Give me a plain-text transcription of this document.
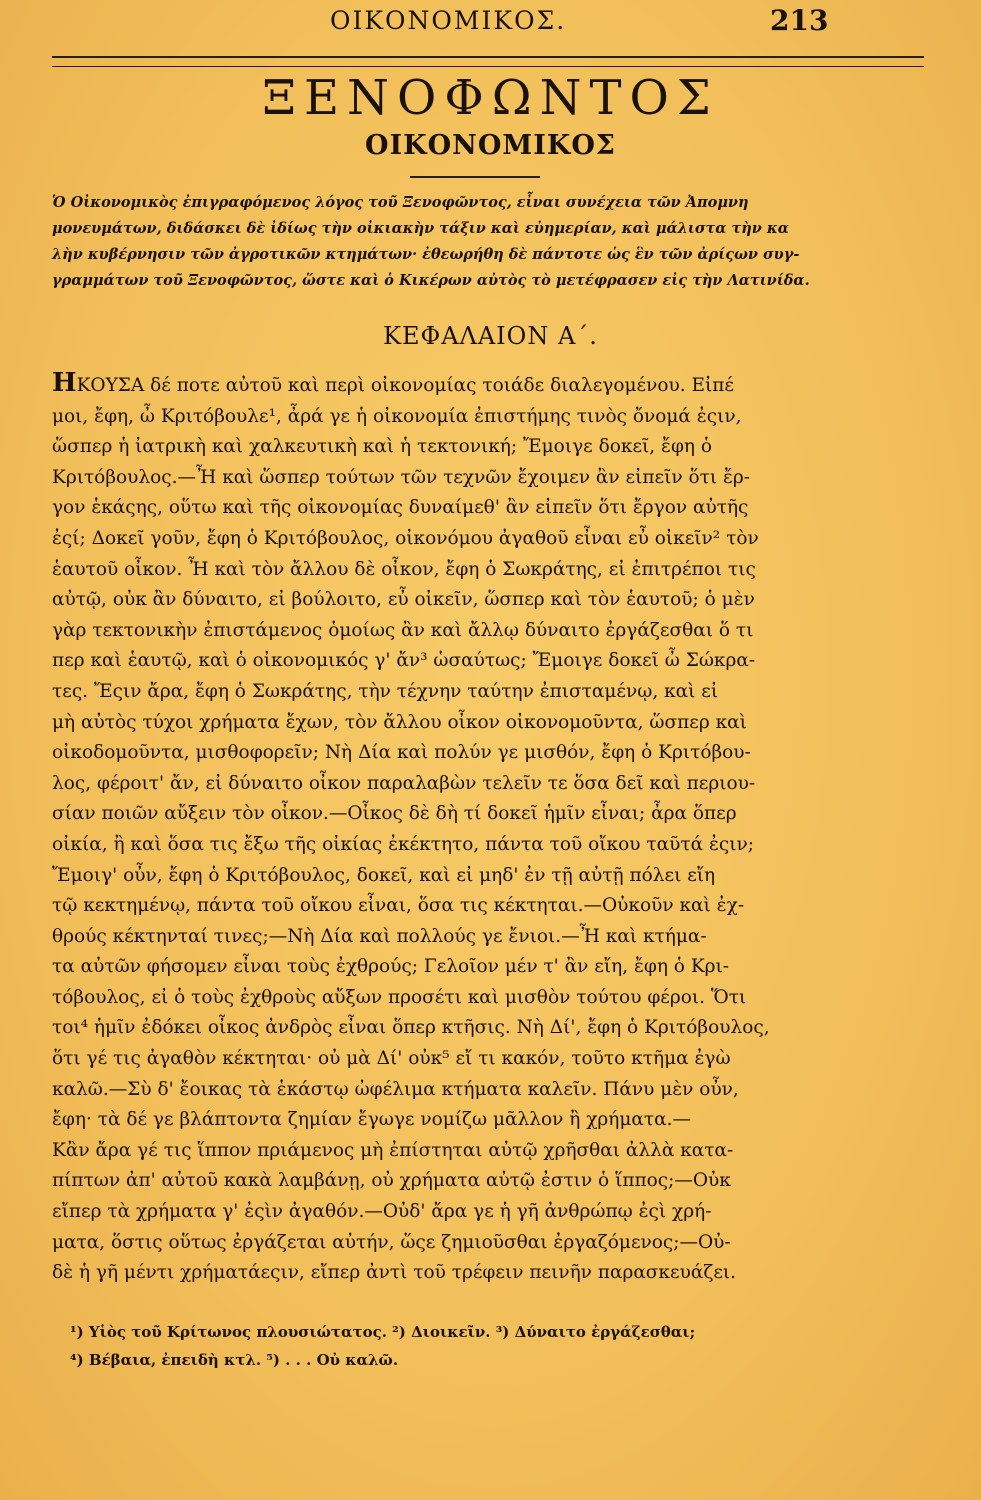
ΟΙΚΟΝΟΜΙΚΟΣ.	213
ΞΕΝΟΦΩΝΤΟΣ
ΟΙΚΟΝΟΜΙΚΟΣ
Ὁ Οἰκονομικὸς ἐπιγραφόμενος λόγος τοῦ Ξενοφῶντος, εἶναι συνέχεια τῶν Ἀπομνη
μονευμάτων, διδάσκει δὲ ἰδίως τὴν οἰκιακὴν τάξιν καὶ εὐημερίαν, καὶ μάλιστα τὴν κα
λὴν κυβέρνησιν τῶν ἀγροτικῶν κτημάτων· ἐθεωρήθη δὲ πάντοτε ὡς ἓν τῶν ἀρίςων συγ-
γραμμάτων τοῦ Ξενοφῶντος, ὥστε καὶ ὁ Κικέρων αὐτὸς τὸ μετέφρασεν εἰς τὴν Λατινίδα.
ΚΕΦΑΛΑΙΟΝ Α΄.
ΗΚΟΥΣΑ δέ ποτε αὐτοῦ καὶ περὶ οἰκονομίας τοιάδε διαλεγομένου. Εἰπέ
μοι, ἔφη, ὦ Κριτόβουλε¹, ἆρά γε ἡ οἰκονομία ἐπιστήμης τινὸς ὄνομά ἐςιν,
ὥσπερ ἡ ἰατρικὴ καὶ χαλκευτικὴ καὶ ἡ τεκτονική; Ἔμοιγε δοκεῖ, ἔφη ὁ
Κριτόβουλος.—Ἦ καὶ ὥσπερ τούτων τῶν τεχνῶν ἔχοιμεν ἂν εἰπεῖν ὅτι ἔρ-
γον ἑκάςης, οὕτω καὶ τῆς οἰκονομίας δυναίμεθ' ἂν εἰπεῖν ὅτι ἔργον αὐτῆς
ἐςί; Δοκεῖ γοῦν, ἔφη ὁ Κριτόβουλος, οἰκονόμου ἀγαθοῦ εἶναι εὖ οἰκεῖν² τὸν
ἑαυτοῦ οἶκον. Ἦ καὶ τὸν ἄλλου δὲ οἶκον, ἔφη ὁ Σωκράτης, εἰ ἐπιτρέποι τις
αὐτῷ, οὐκ ἂν δύναιτο, εἰ βούλοιτο, εὖ οἰκεῖν, ὥσπερ καὶ τὸν ἑαυτοῦ; ὁ μὲν
γὰρ τεκτονικὴν ἐπιστάμενος ὁμοίως ἂν καὶ ἄλλῳ δύναιτο ἐργάζεσθαι ὅ τι
περ καὶ ἑαυτῷ, καὶ ὁ οἰκονομικός γ' ἄν³ ὡσαύτως; Ἔμοιγε δοκεῖ ὦ Σώκρα-
τες. Ἔςιν ἄρα, ἔφη ὁ Σωκράτης, τὴν τέχνην ταύτην ἐπισταμένῳ, καὶ εἰ
μὴ αὐτὸς τύχοι χρήματα ἔχων, τὸν ἄλλου οἶκον οἰκονομοῦντα, ὥσπερ καὶ
οἰκοδομοῦντα, μισθοφορεῖν; Νὴ Δία καὶ πολύν γε μισθόν, ἔφη ὁ Κριτόβου-
λος, φέροιτ' ἄν, εἰ δύναιτο οἶκον παραλαβὼν τελεῖν τε ὅσα δεῖ καὶ περιου-
σίαν ποιῶν αὔξειν τὸν οἶκον.—Οἶκος δὲ δὴ τί δοκεῖ ἡμῖν εἶναι; ἆρα ὅπερ
οἰκία, ἢ καὶ ὅσα τις ἔξω τῆς οἰκίας ἐκέκτητο, πάντα τοῦ οἴκου ταῦτά ἐςιν;
Ἔμοιγ' οὖν, ἔφη ὁ Κριτόβουλος, δοκεῖ, καὶ εἰ μηδ' ἐν τῇ αὐτῇ πόλει εἴη
τῷ κεκτημένῳ, πάντα τοῦ οἴκου εἶναι, ὅσα τις κέκτηται.—Οὐκοῦν καὶ ἐχ-
θρούς κέκτηνταί τινες;—Νὴ Δία καὶ πολλούς γε ἔνιοι.—Ἦ καὶ κτήμα-
τα αὐτῶν φήσομεν εἶναι τοὺς ἐχθρούς; Γελοῖον μέν τ' ἂν εἴη, ἔφη ὁ Κρι-
τόβουλος, εἰ ὁ τοὺς ἐχθροὺς αὔξων προσέτι καὶ μισθὸν τούτου φέροι. Ὅτι
τοι⁴ ἡμῖν ἐδόκει οἶκος ἀνδρὸς εἶναι ὅπερ κτῆσις. Νὴ Δί', ἔφη ὁ Κριτόβουλος,
ὅτι γέ τις ἀγαθὸν κέκτηται· οὐ μὰ Δί' οὐκ⁵ εἴ τι κακόν, τοῦτο κτῆμα ἐγὼ
καλῶ.—Σὺ δ' ἔοικας τὰ ἑκάστῳ ὠφέλιμα κτήματα καλεῖν. Πάνυ μὲν οὖν,
ἔφη· τὰ δέ γε βλάπτοντα ζημίαν ἔγωγε νομίζω μᾶλλον ἢ χρήματα.—
Κἂν ἄρα γέ τις ἵππον πριάμενος μὴ ἐπίστηται αὐτῷ χρῆσθαι ἀλλὰ κατα-
πίπτων ἀπ' αὐτοῦ κακὰ λαμβάνῃ, οὐ χρήματα αὐτῷ ἐστιν ὁ ἵππος;—Οὐκ
εἴπερ τὰ χρήματα γ' ἐςὶν ἀγαθόν.—Οὐδ' ἄρα γε ἡ γῆ ἀνθρώπῳ ἐςὶ χρή-
ματα, ὅστις οὕτως ἐργάζεται αὐτήν, ὥςε ζημιοῦσθαι ἐργαζόμενος;—Οὐ-
δὲ ἡ γῆ μέντι χρήματάεςιν, εἴπερ ἀντὶ τοῦ τρέφειν πεινῆν παρασκευάζει.
¹) Υἱὸς τοῦ Κρίτωνος πλουσιώτατος. ²) Διοικεῖν. ³) Δύναιτο ἐργάζεσθαι;
⁴) Βέβαια, ἐπειδὴ κτλ. ⁵) . . . Οὐ καλῶ.
